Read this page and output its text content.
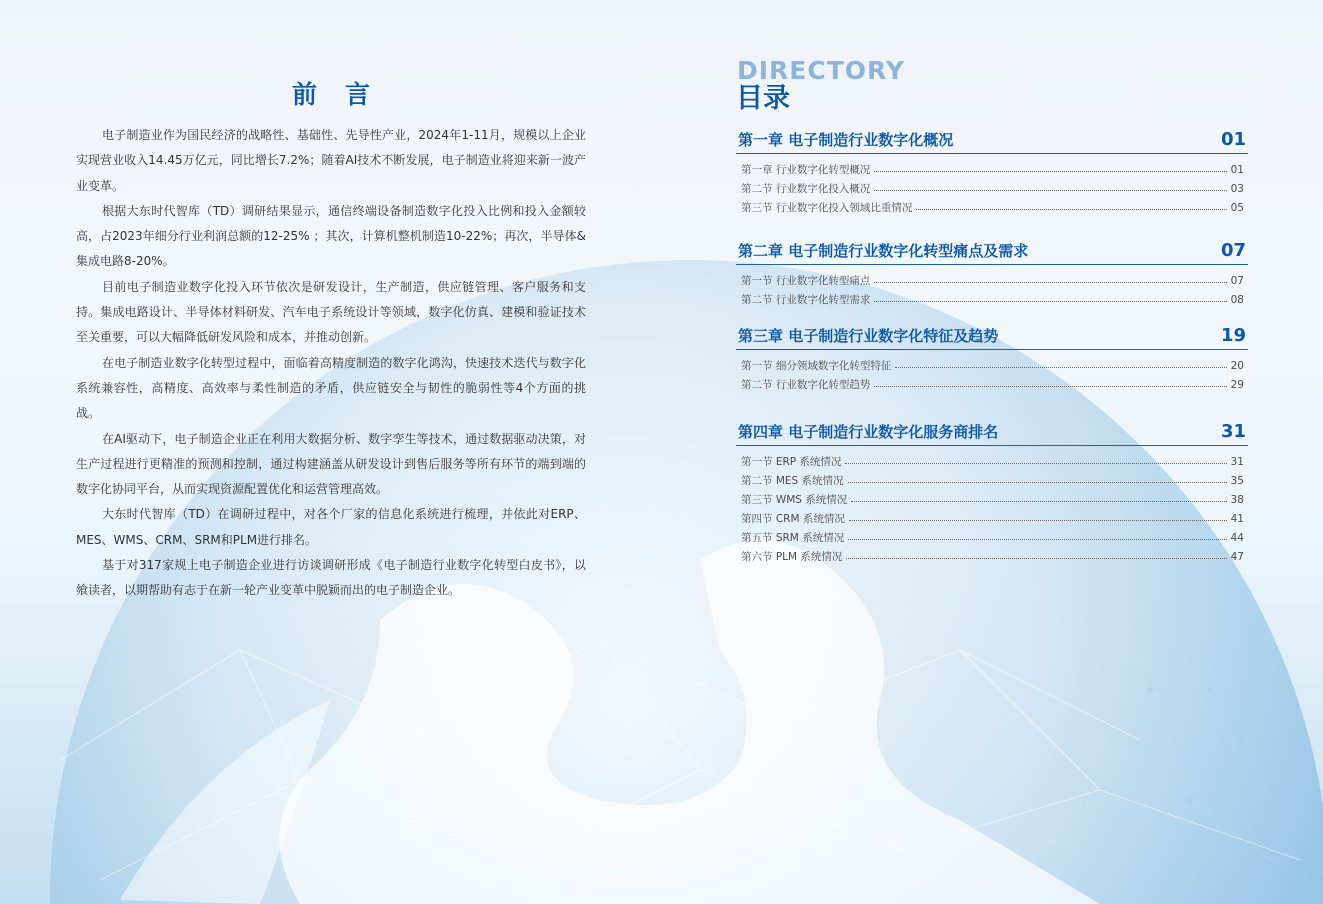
前言

电子制造业作为国民经济的战略性、基础性、先导性产业，2024年1-11月，规模以上企业实现营业收入14.45万亿元，同比增长7.2%；随着AI技术不断发展，电子制造业将迎来新一波产业变革。

根据大东时代智库（TD）调研结果显示，通信终端设备制造数字化投入比例和投入金额较高，占2023年细分行业利润总额的12-25% ；其次，计算机整机制造10-22%；再次，半导体&集成电路8-20%。

目前电子制造业数字化投入环节依次是研发设计，生产制造，供应链管理、客户服务和支持。集成电路设计、半导体材料研发、汽车电子系统设计等领域，数字化仿真、建模和验证技术至关重要，可以大幅降低研发风险和成本，并推动创新。

在电子制造业数字化转型过程中，面临着高精度制造的数字化鸿沟，快速技术迭代与数字化系统兼容性，高精度、高效率与柔性制造的矛盾，供应链安全与韧性的脆弱性等4个方面的挑战。

在AI驱动下，电子制造企业正在利用大数据分析、数字孪生等技术，通过数据驱动决策，对生产过程进行更精准的预测和控制，通过构建涵盖从研发设计到售后服务等所有环节的端到端的数字化协同平台，从而实现资源配置优化和运营管理高效。

大东时代智库（TD）在调研过程中，对各个厂家的信息化系统进行梳理，并依此对ERP、MES、WMS、CRM、SRM和PLM进行排名。

基于对317家规上电子制造企业进行访谈调研形成《电子制造行业数字化转型白皮书》，以飨读者，以期帮助有志于在新一轮产业变革中脱颖而出的电子制造企业。

DIRECTORY
目录
第一章 电子制造行业数字化概况	01
第一章 行业数字化转型概况	01
第二节 行业数字化投入概况	03
第三节 行业数字化投入领域比重情况	05
第二章 电子制造行业数字化转型痛点及需求	07
第一节 行业数字化转型痛点	07
第二节 行业数字化转型需求	08
第三章 电子制造行业数字化特征及趋势	19
第一节 细分领域数字化转型特征	20
第二节 行业数字化转型趋势	29
第四章 电子制造行业数字化服务商排名	31
第一节 ERP 系统情况	31
第二节 MES 系统情况	35
第三节 WMS 系统情况	38
第四节 CRM 系统情况	41
第五节 SRM 系统情况	44
第六节 PLM 系统情况	47
